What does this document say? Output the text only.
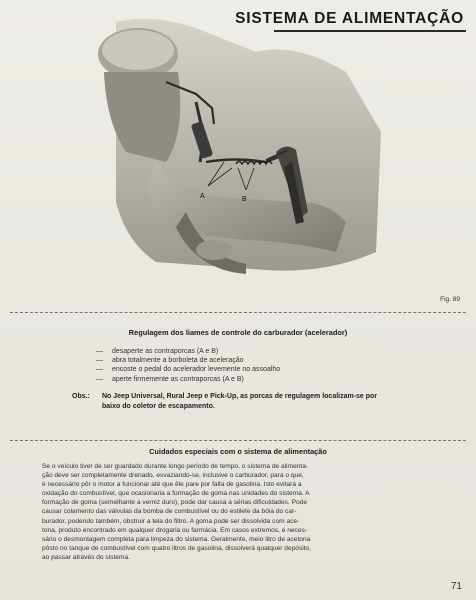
SISTEMA DE ALIMENTAÇÃO
A	B
Fig. 89
Regulagem dos liames de controle do carburador (acelerador)
— desaperte as contraporcas (A e B)
— abra totalmente a borboleta de aceleração
— encoste o pedal do acelerador levemente no assoalho
— aperte firmemente as contraporcas (A e B)
Obs.: No Jeep Universal, Rural Jeep e Pick-Up, as porcas de regulagem localizam-se por
baixo do coletor de escapamento.
Cuidados especiais com o sistema de alimentação
Se o veículo tiver de ser guardado durante longo período de tempo, o sistema de alimenta-
ção deve ser completamente drenado, esvaziando-se, inclusive o carburador, para o que,
é necessário pôr o motor a funcionar até que êle pare por falta de gasolina. Isto evitará a
oxidação do combustível, que ocasionaria a formação de goma nas unidades do sistema. A
formação de goma (semelhante a verniz duro), pode dar causa a sérias dificuldades. Pode
causar colamento das válvulas da bomba de combustível ou do estilete da bóia do car-
burador, podendo também, obstruir a tela do filtro. A goma pode ser dissolvida com ace-
tona, produto encontrado em qualquer drogaria ou farmácia. Em casos extremos, é neces-
sário o desmontagem completa para limpeza do sistema. Geralmente, meio litro de acetona
pôsto no tanque de combustível com quatro litros de gasolina, dissolverá qualquer depósito,
ao passar através do sistema.
71
